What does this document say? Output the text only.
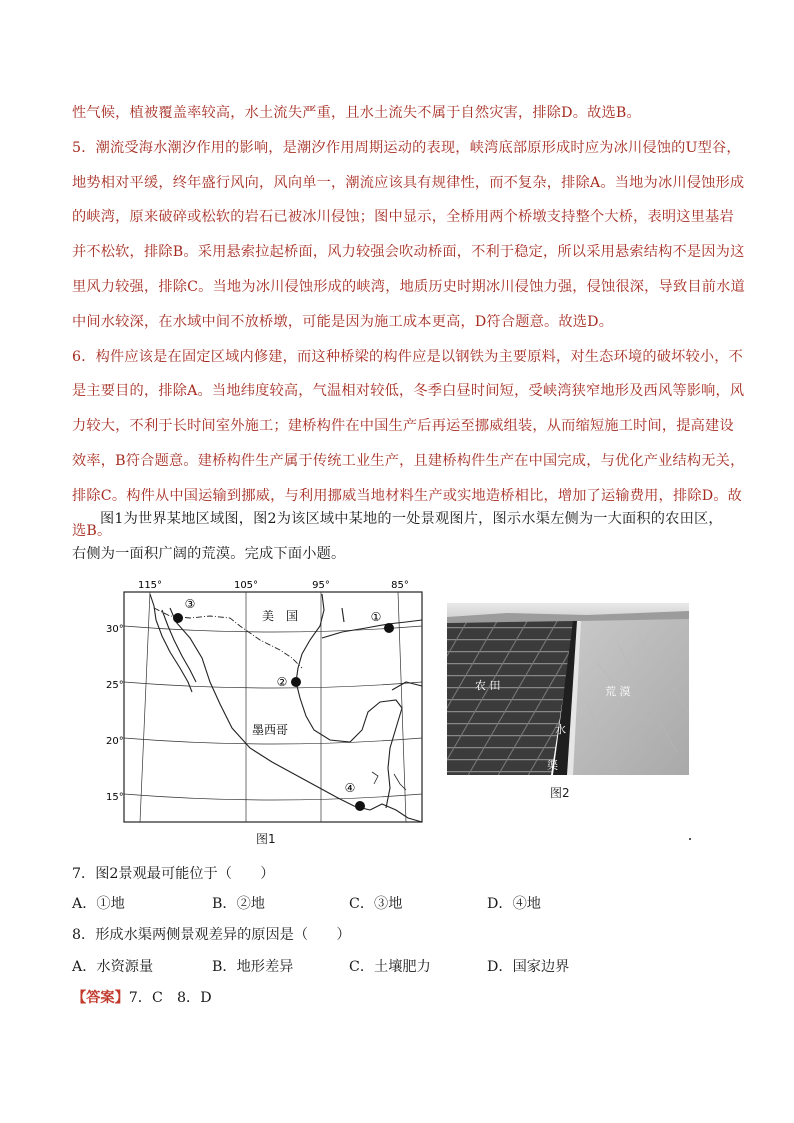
性气候，植被覆盖率较高，水土流失严重，且水土流失不属于自然灾害，排除D。故选B。
5．潮流受海水潮汐作用的影响，是潮汐作用周期运动的表现，峡湾底部原形成时应为冰川侵蚀的U型谷，
地势相对平缓，终年盛行风向，风向单一，潮流应该具有规律性，而不复杂，排除A。当地为冰川侵蚀形成
的峡湾，原来破碎或松软的岩石已被冰川侵蚀；图中显示，全桥用两个桥墩支持整个大桥，表明这里基岩
并不松软，排除B。采用悬索拉起桥面，风力较强会吹动桥面，不利于稳定，所以采用悬索结构不是因为这
里风力较强，排除C。当地为冰川侵蚀形成的峡湾，地质历史时期冰川侵蚀力强，侵蚀很深，导致目前水道
中间水较深，在水域中间不放桥墩，可能是因为施工成本更高，D符合题意。故选D。
6．构件应该是在固定区域内修建，而这种桥梁的构件应是以钢铁为主要原料，对生态环境的破坏较小，不
是主要目的，排除A。当地纬度较高，气温相对较低，冬季白昼时间短，受峡湾狭窄地形及西风等影响，风
力较大，不利于长时间室外施工；建桥构件在中国生产后再运至挪威组装，从而缩短施工时间，提高建设
效率，B符合题意。建桥构件生产属于传统工业生产，且建桥构件生产在中国完成，与优化产业结构无关，
排除C。构件从中国运输到挪威，与利用挪威当地材料生产或实地造桥相比，增加了运输费用，排除D。故
选B。
图1为世界某地区域图，图2为该区域中某地的一处景观图片，图示水渠左侧为一大面积的农田区，
右侧为一面积广阔的荒漠。完成下面小题。
115°	105°	95°	85°
30°
25°
20°
15°
美　国
墨西哥
①
②
③
④
图1
农 田	荒 漠
水
渠
图2
7．图2景观最可能位于（　　）
A．①地	B．②地	C．③地	D．④地
8．形成水渠两侧景观差异的原因是（　　）
A．水资源量	B．地形差异	C．土壤肥力	D．国家边界
【答案】7．C　8．D
